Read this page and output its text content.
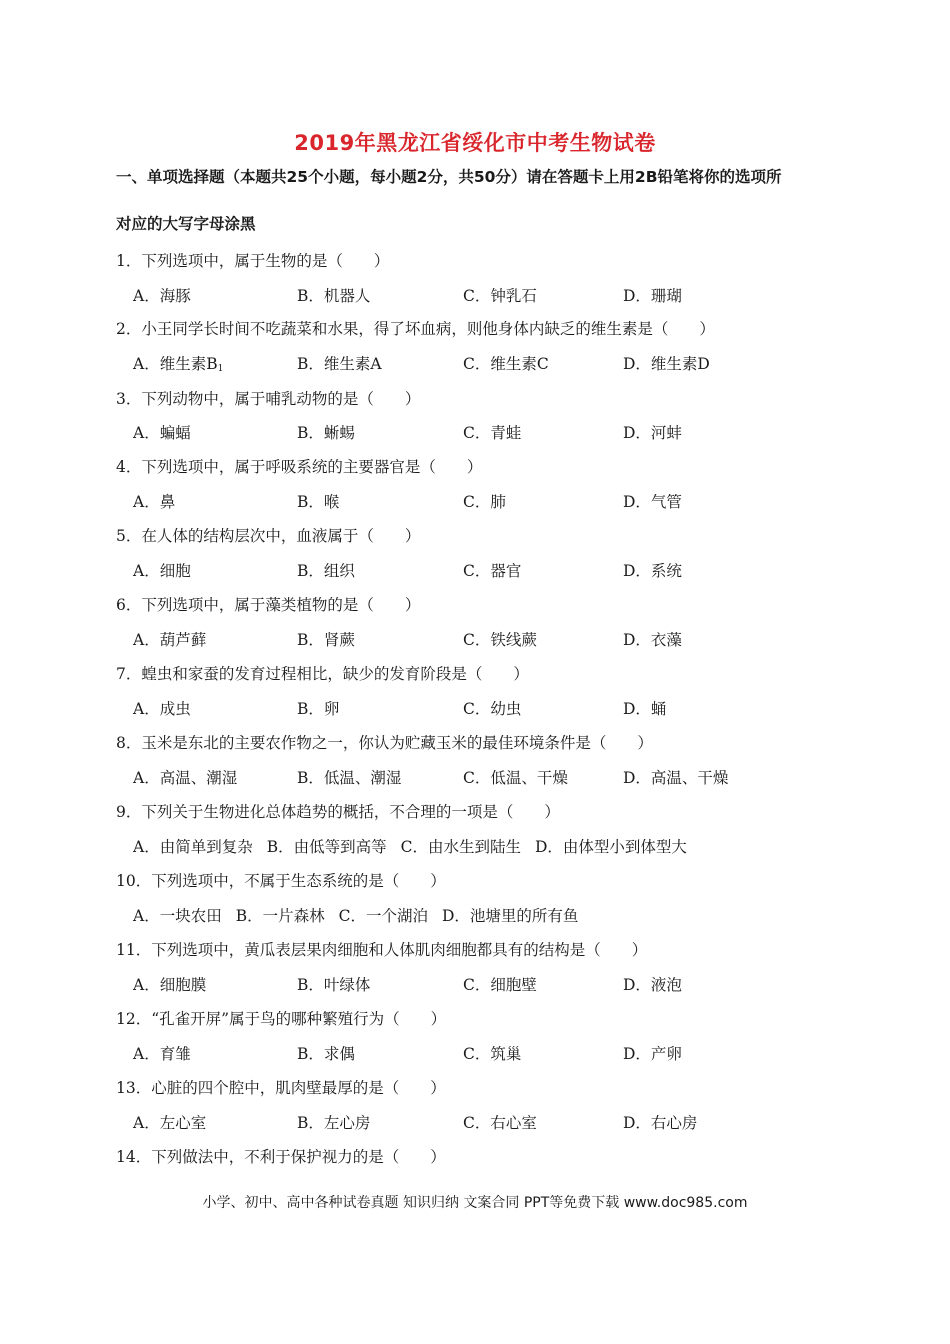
2019年黑龙江省绥化市中考生物试卷
一、单项选择题（本题共25个小题，每小题2分，共50分）请在答题卡上用2B铅笔将你的选项所
对应的大写字母涂黑
1．下列选项中，属于生物的是（　　）
A．海豚	B．机器人	C．钟乳石	D．珊瑚
2．小王同学长时间不吃蔬菜和水果，得了坏血病，则他身体内缺乏的维生素是（　　）
A．维生素$B_1$	B．维生素A	C．维生素C	D．维生素D
3．下列动物中，属于哺乳动物的是（　　）
A．蝙蝠	B．蜥蜴	C．青蛙	D．河蚌
4．下列选项中，属于呼吸系统的主要器官是（　　）
A．鼻	B．喉	C．肺	D．气管
5．在人体的结构层次中，血液属于（　　）
A．细胞	B．组织	C．器官	D．系统
6．下列选项中，属于藻类植物的是（　　）
A．葫芦藓	B．肾蕨	C．铁线蕨	D．衣藻
7．蝗虫和家蚕的发育过程相比，缺少的发育阶段是（　　）
A．成虫	B．卵	C．幼虫	D．蛹
8．玉米是东北的主要农作物之一，你认为贮藏玉米的最佳环境条件是（　　）
A．高温、潮湿	B．低温、潮湿	C．低温、干燥	D．高温、干燥
9．下列关于生物进化总体趋势的概括，不合理的一项是（　　）
A．由简单到复杂 B．由低等到高等 C．由水生到陆生 D．由体型小到体型大
10．下列选项中，不属于生态系统的是（　　）
A．一块农田 B．一片森林 C．一个湖泊 D．池塘里的所有鱼
11．下列选项中，黄瓜表层果肉细胞和人体肌肉细胞都具有的结构是（　　）
A．细胞膜	B．叶绿体	C．细胞壁	D．液泡
12．“孔雀开屏”属于鸟的哪种繁殖行为（　　）
A．育雏	B．求偶	C．筑巢	D．产卵
13．心脏的四个腔中，肌肉壁最厚的是（　　）
A．左心室	B．左心房	C．右心室	D．右心房
14．下列做法中，不利于保护视力的是（　　）
小学、初中、高中各种试卷真题 知识归纳 文案合同 PPT等免费下载 www.doc985.com
